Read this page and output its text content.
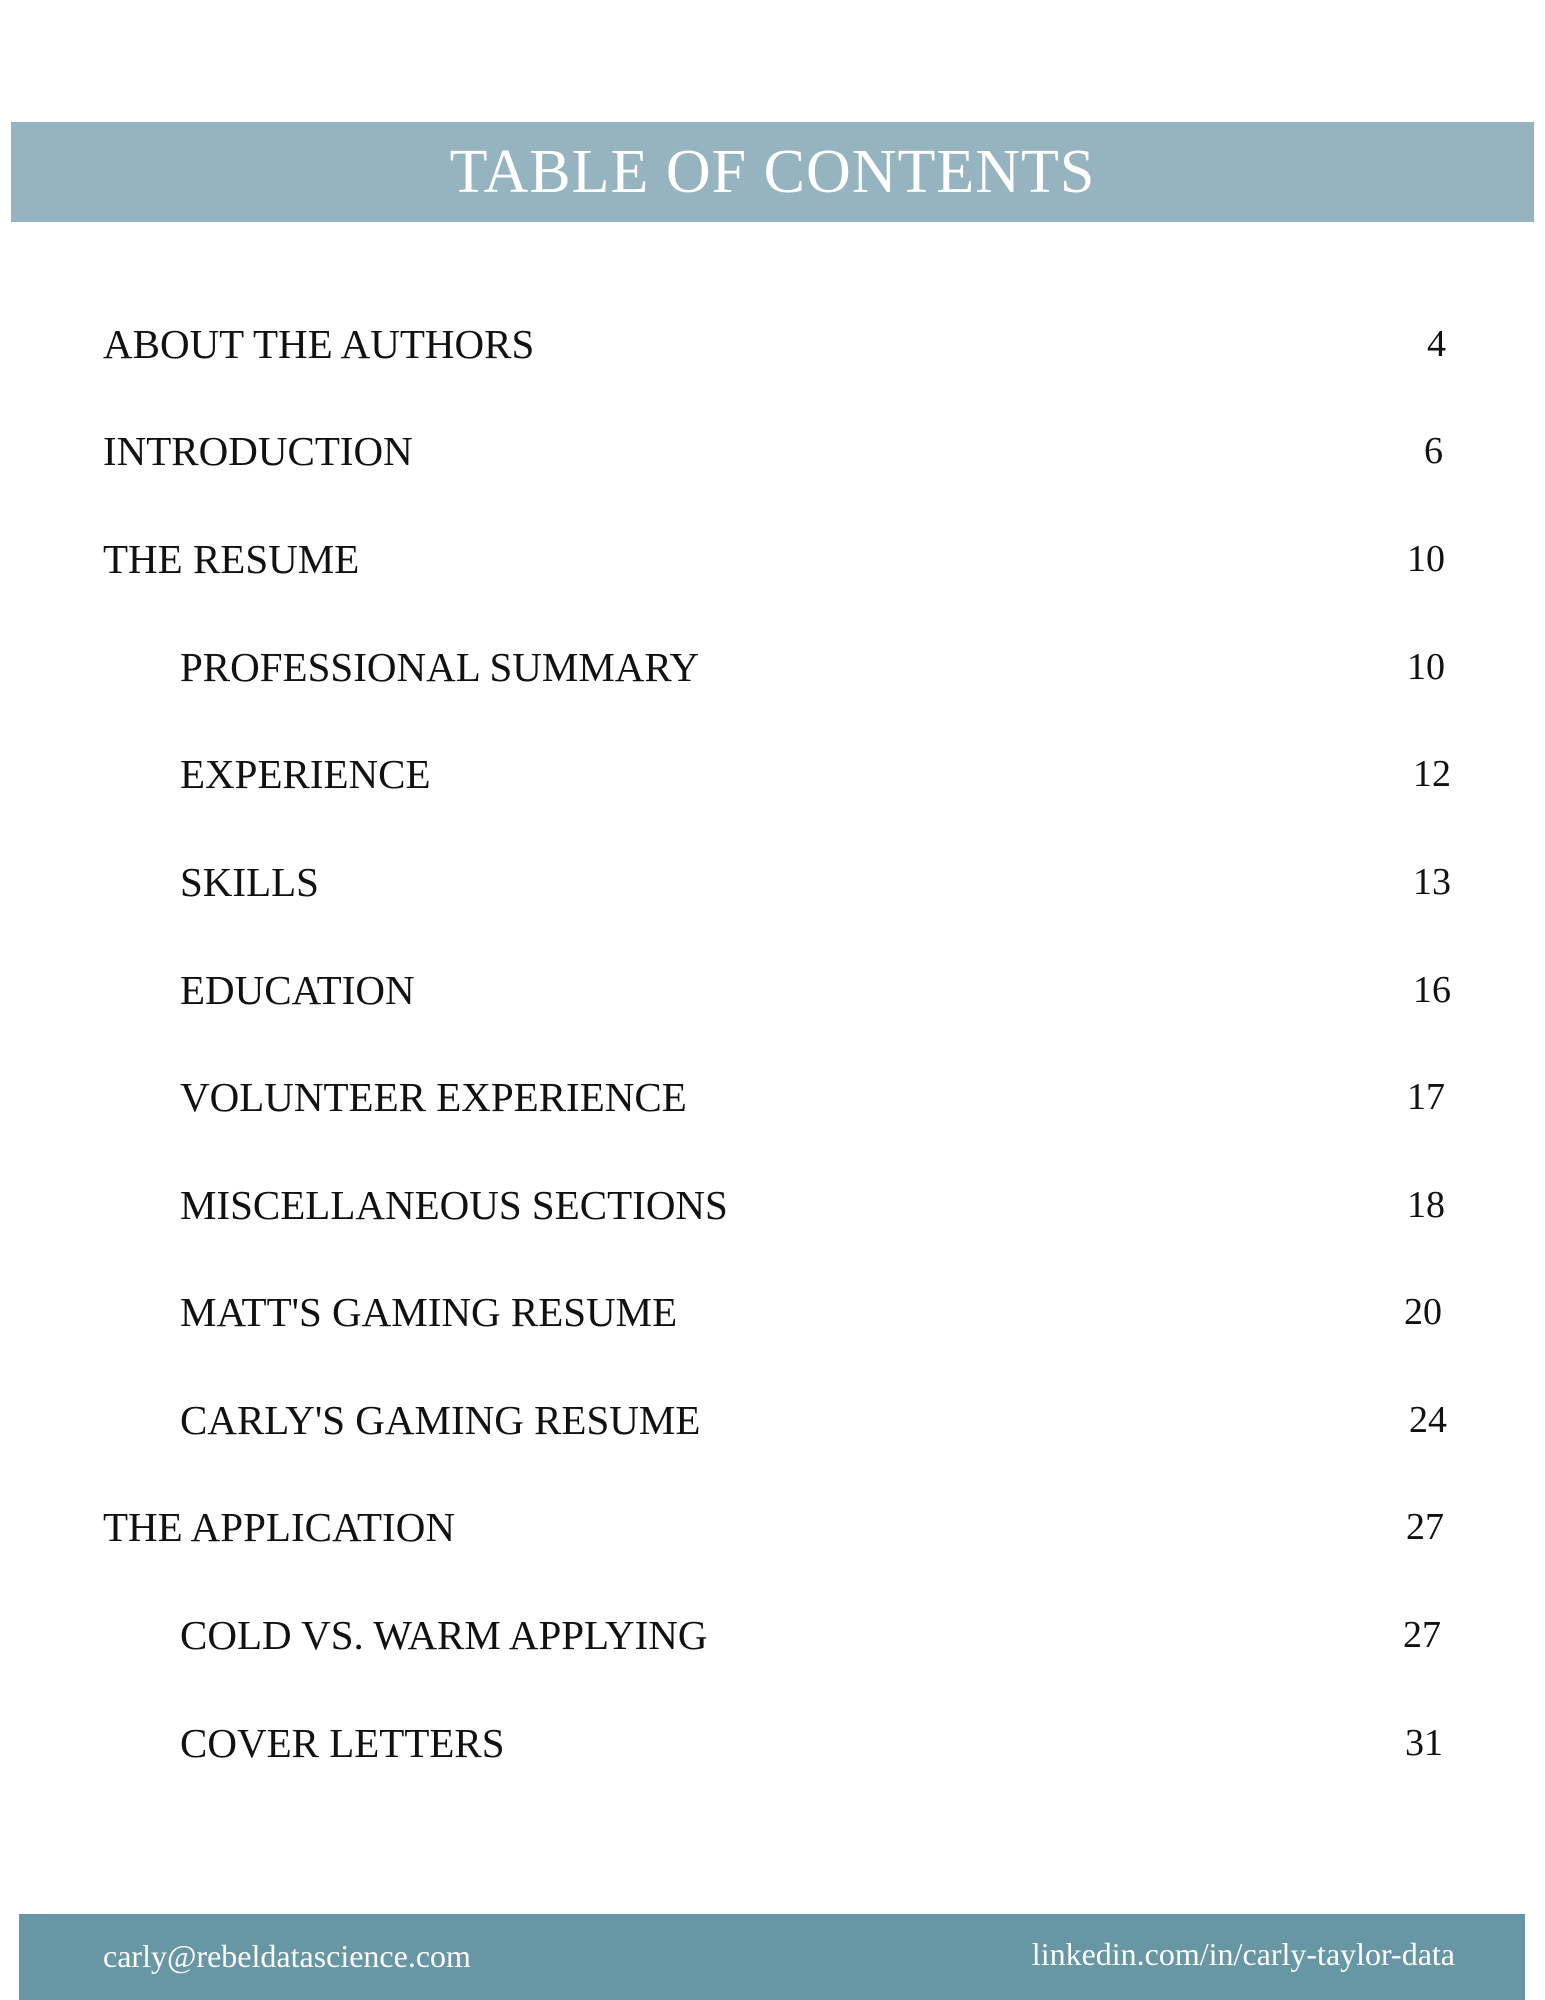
TABLE OF CONTENTS
ABOUT THE AUTHORS	4
INTRODUCTION	6
THE RESUME	10
PROFESSIONAL SUMMARY	10
EXPERIENCE	12
SKILLS	13
EDUCATION	16
VOLUNTEER EXPERIENCE	17
MISCELLANEOUS SECTIONS	18
MATT'S GAMING RESUME	20
CARLY'S GAMING RESUME	24
THE APPLICATION	27
COLD VS. WARM APPLYING	27
COVER LETTERS	31
carly@rebeldatascience.com	linkedin.com/in/carly-taylor-data
